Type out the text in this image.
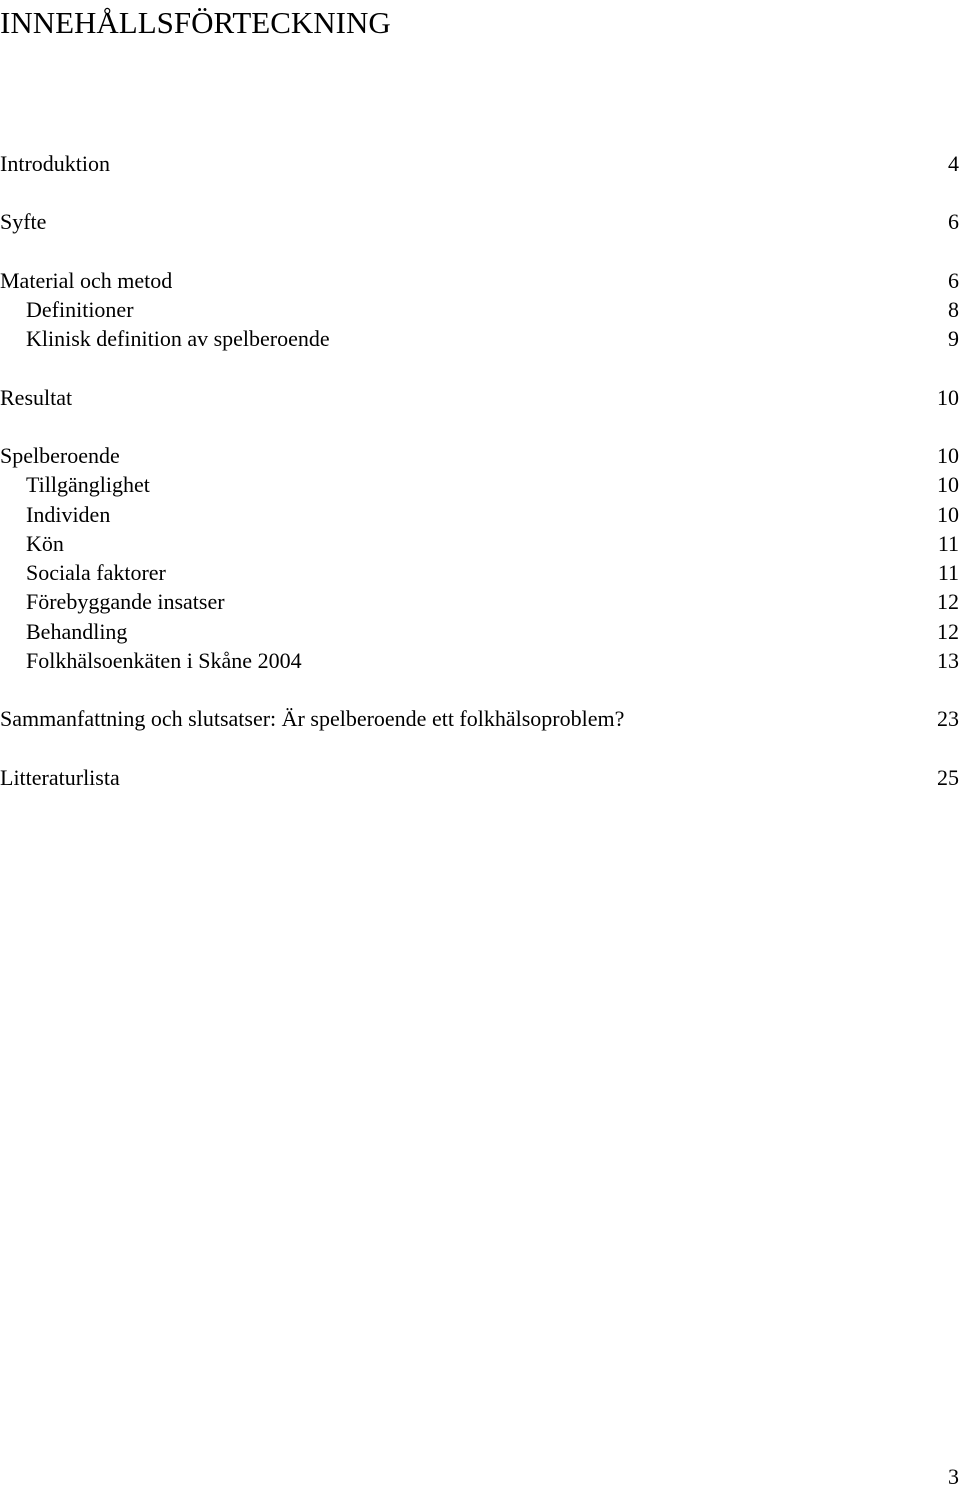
INNEHÅLLSFÖRTECKNING
Introduktion	4
Syfte	6
Material och metod	6
Definitioner	8
Klinisk definition av spelberoende	9
Resultat	10
Spelberoende	10
Tillgänglighet	10
Individen	10
Kön	11
Sociala faktorer	11
Förebyggande insatser	12
Behandling	12
Folkhälsoenkäten i Skåne 2004	13
Sammanfattning och slutsatser: Är spelberoende ett folkhälsoproblem?	23
Litteraturlista	25
3
